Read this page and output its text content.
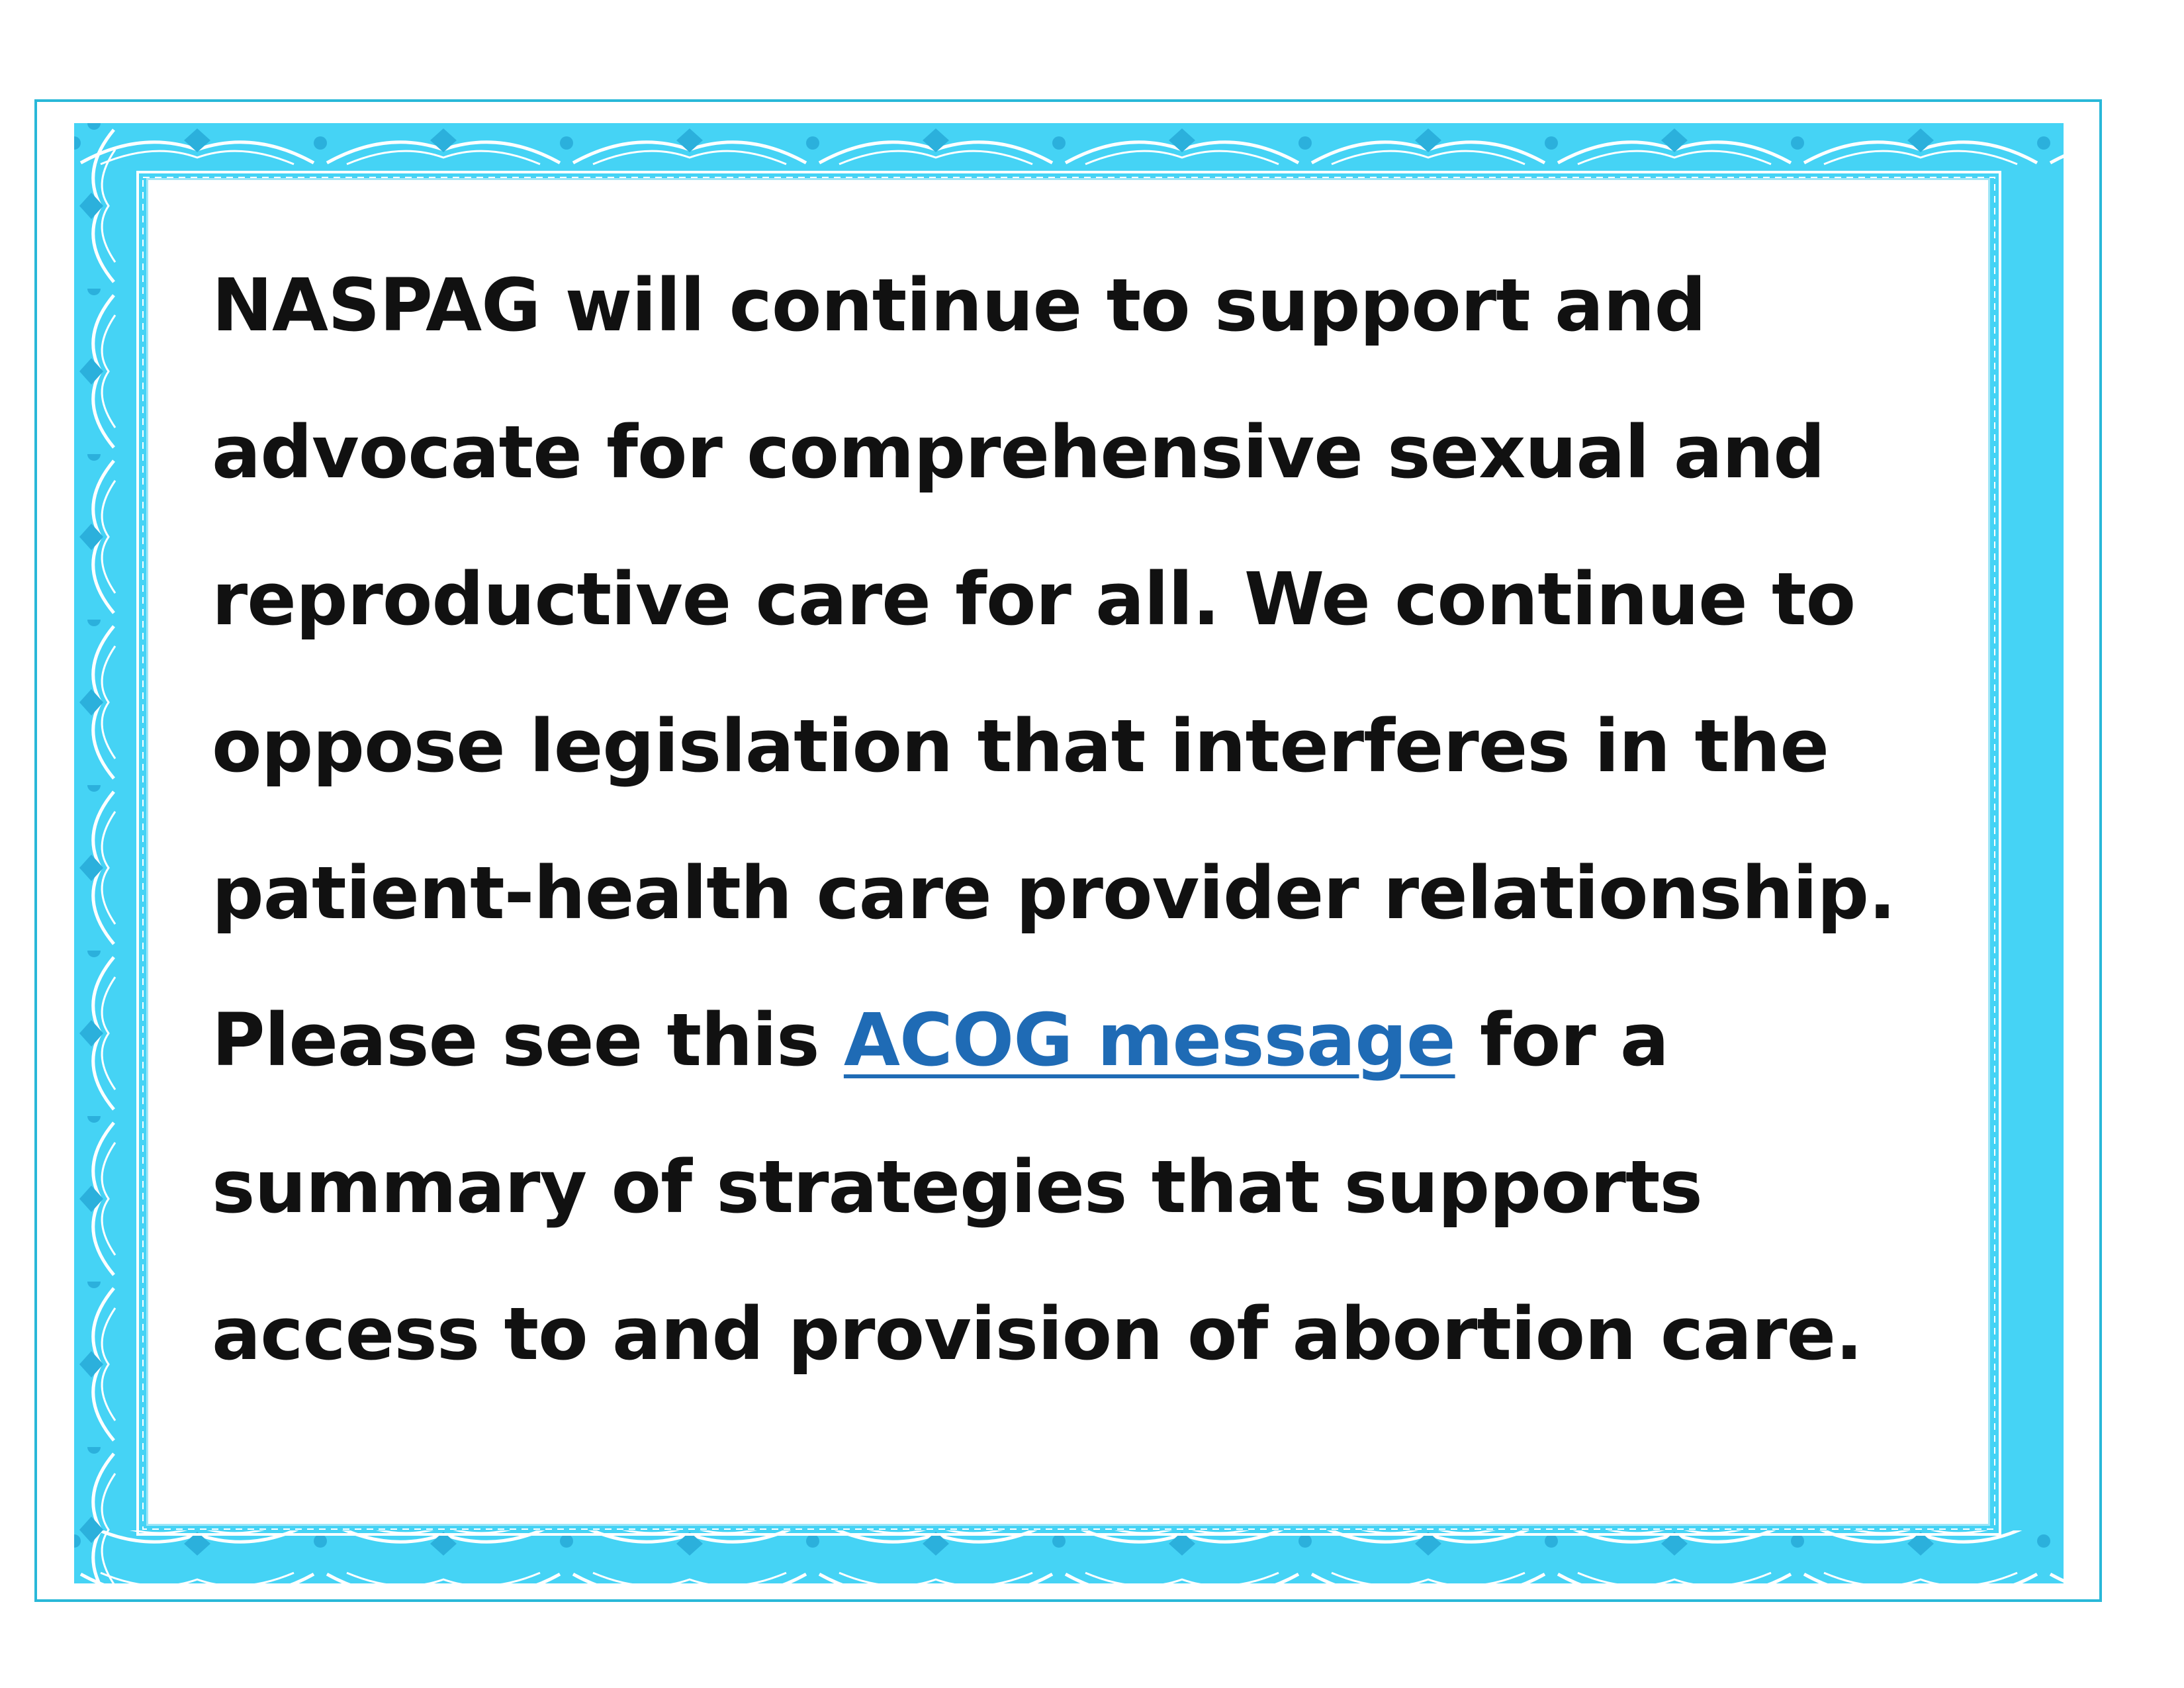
NASPAG will continue to support and
advocate for comprehensive sexual and
reproductive care for all. We continue to
oppose legislation that interferes in the
patient-health care provider relationship.
Please see this ACOG message for a
summary of strategies that supports
access to and provision of abortion care.
